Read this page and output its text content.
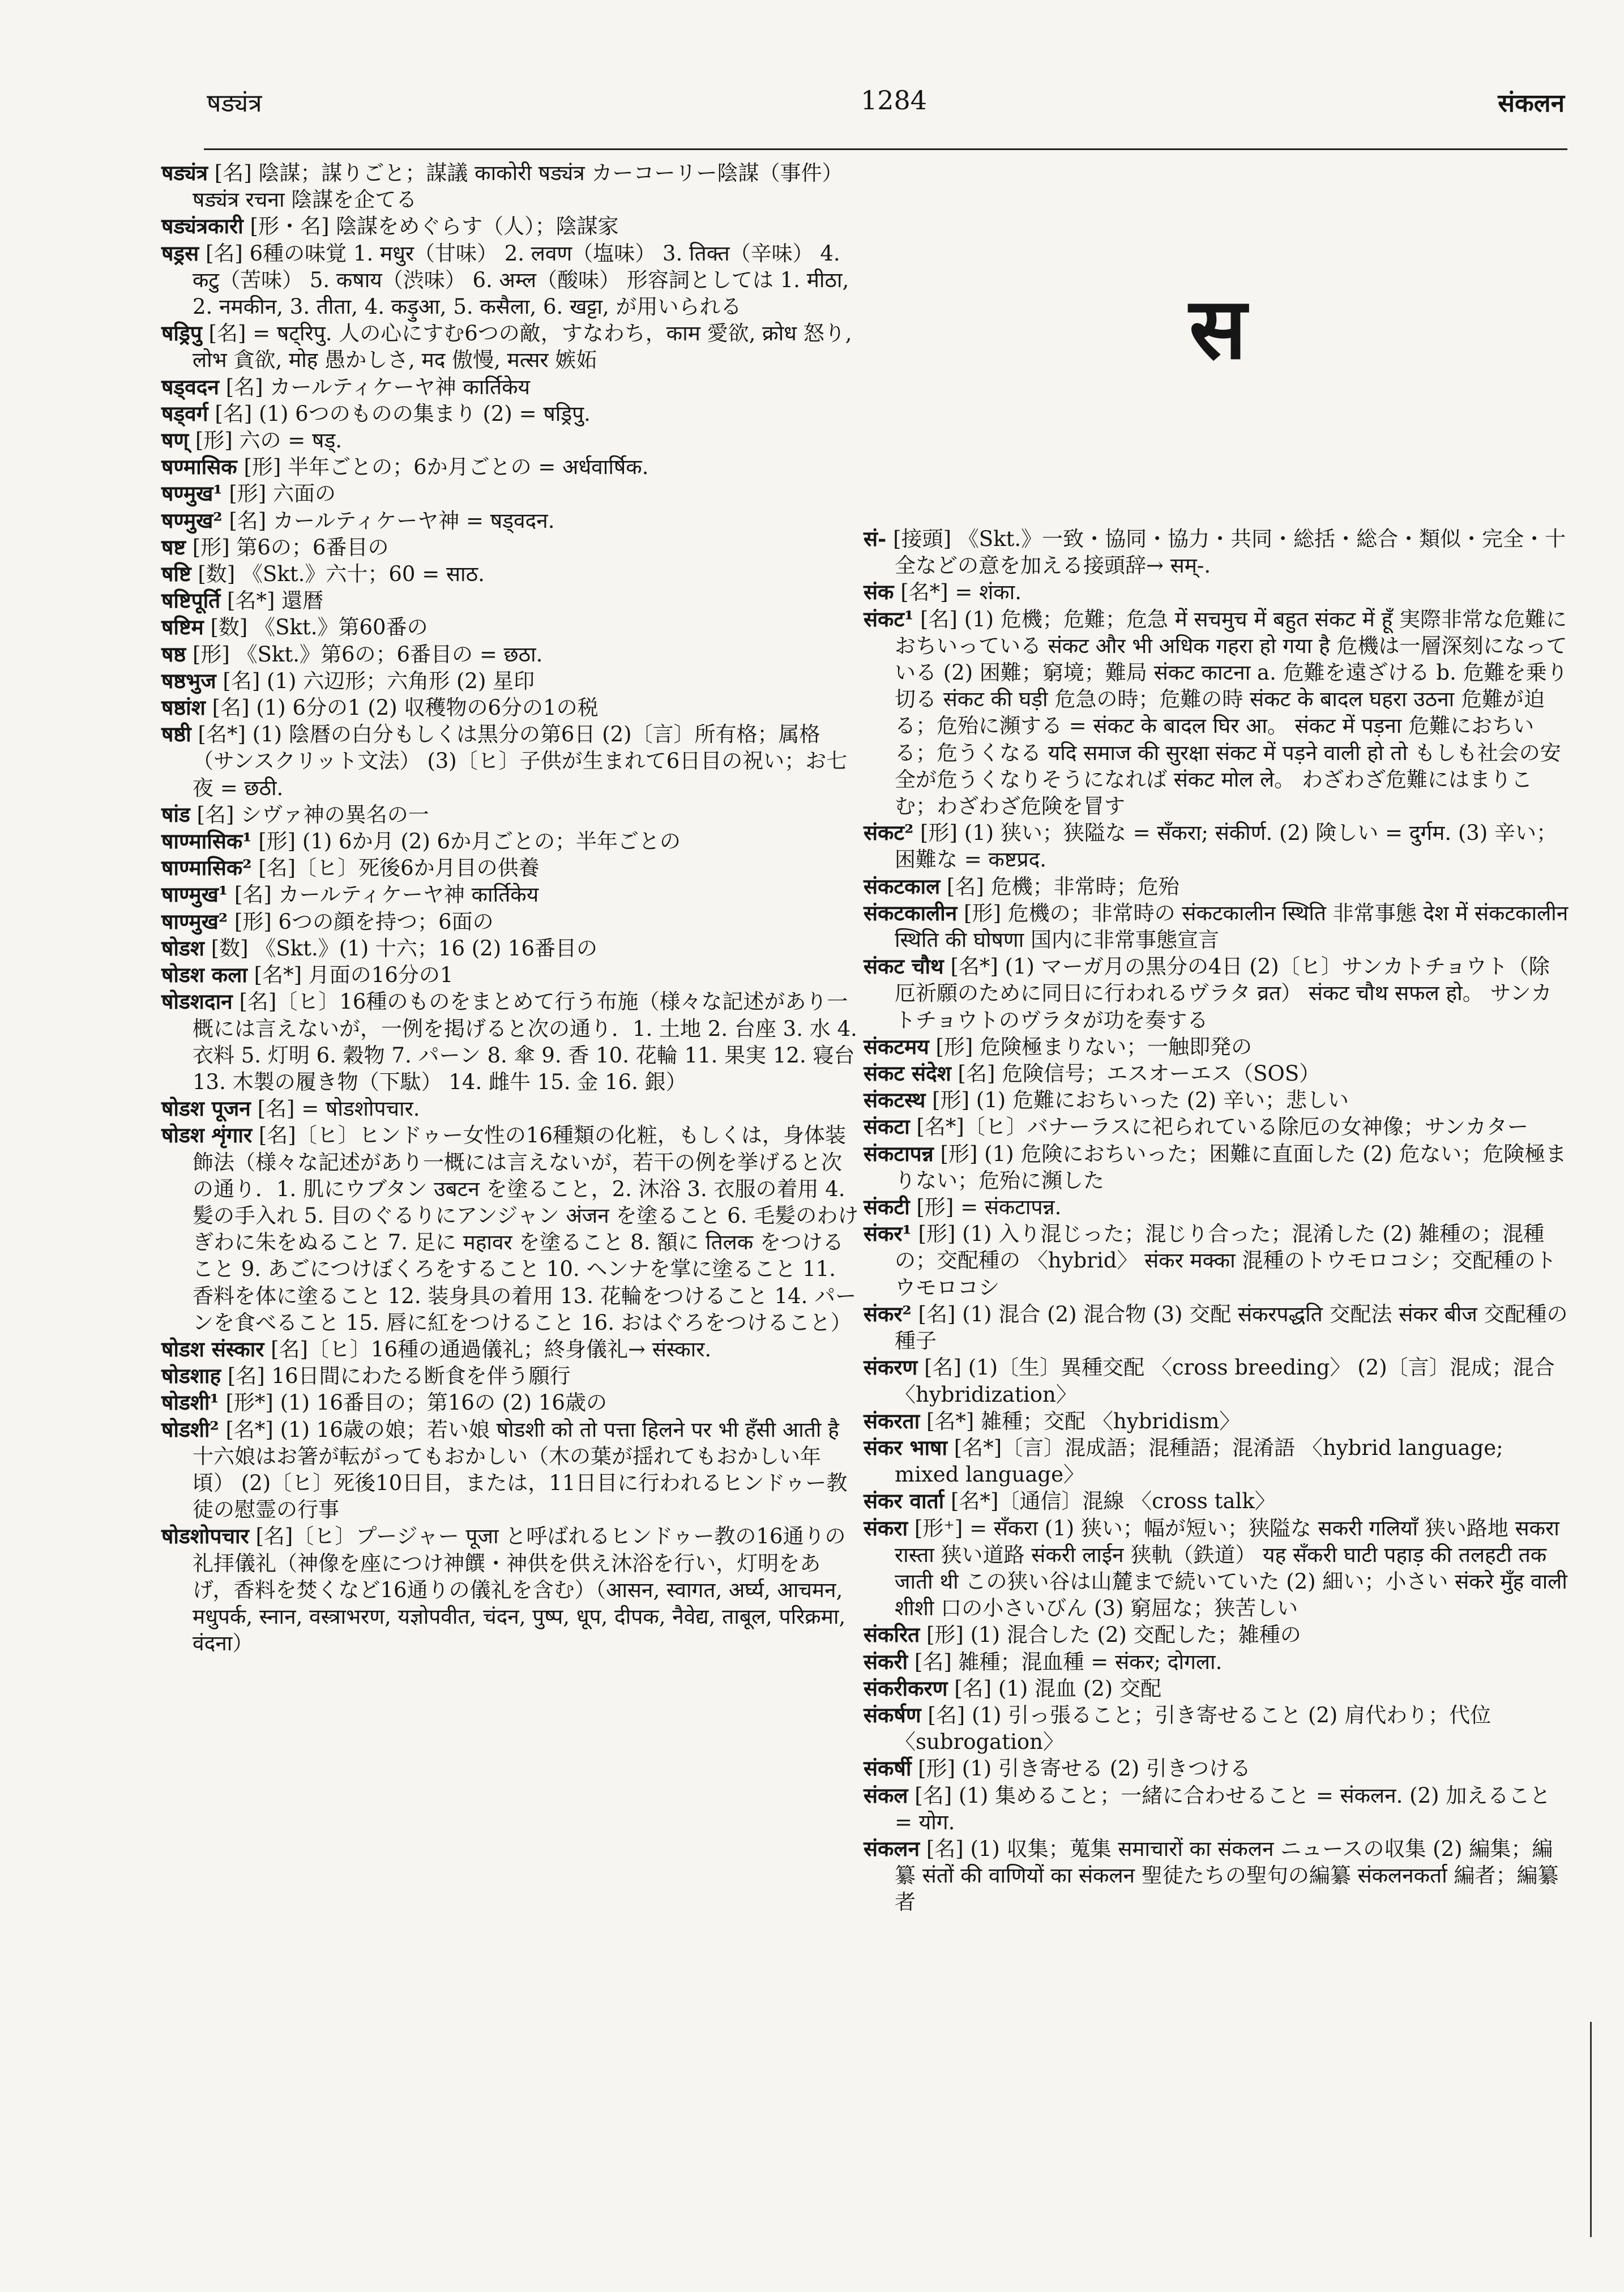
षड्यंत्र	1284	संकलन

षड्यंत्र [名] 陰謀；謀りごと；謀議 काकोरी षड्यंत्र カーコーリー陰謀（事件） षड्यंत्र रचना 陰謀を企てる

षड्यंत्रकारी [形・名] 陰謀をめぐらす（人）；陰謀家

षड्रस [名] 6種の味覚 1. मधुर（甘味） 2. लवण（塩味） 3. तिक्त（辛味） 4. कटु（苦味） 5. कषाय（渋味） 6. अम्ल（酸味） 形容詞としては 1. मीठा, 2. नमकीन, 3. तीता, 4. कड़ुआ, 5. कसैला, 6. खट्टा, が用いられる

षड्रिपु [名] = षट्‌रिपु. 人の心にすむ6つの敵，すなわち，काम 愛欲, क्रोध 怒り, लोभ 貪欲, मोह 愚かしさ, मद 傲慢, मत्सर 嫉妬

षड्वदन [名] カールティケーヤ神 कार्तिकेय

षड्वर्ग [名] (1) 6つのものの集まり (2) = षड्रिपु.

षण् [形] 六の = षड्.

षण्मासिक [形] 半年ごとの；6か月ごとの = अर्धवार्षिक.

षण्मुख¹ [形] 六面の

षण्मुख² [名] カールティケーヤ神 = षड्वदन.

षष्ट [形] 第6の；6番目の

षष्टि [数] 《Skt.》六十；60 = साठ.

षष्टिपूर्ति [名*] 還暦

षष्टिम [数] 《Skt.》第60番の

षष्ठ [形] 《Skt.》第6の；6番目の = छठा.

षष्ठभुज [名] (1) 六辺形；六角形 (2) 星印

षष्ठांश [名] (1) 6分の1 (2) 収穫物の6分の1の税

षष्ठी [名*] (1) 陰暦の白分もしくは黒分の第6日 (2)〔言〕所有格；属格（サンスクリット文法） (3)〔ヒ〕子供が生まれて6日目の祝い；お七夜 = छठी.

षांड [名] シヴァ神の異名の一

षाण्मासिक¹ [形] (1) 6か月 (2) 6か月ごとの；半年ごとの

षाण्मासिक² [名]〔ヒ〕死後6か月目の供養

षाण्मुख¹ [名] カールティケーヤ神 कार्तिकेय

षाण्मुख² [形] 6つの顔を持つ；6面の

षोडश [数] 《Skt.》(1) 十六；16 (2) 16番目の

षोडश कला [名*] 月面の16分の1

षोडशदान [名]〔ヒ〕16種のものをまとめて行う布施（様々な記述があり一概には言えないが，一例を掲げると次の通り．1. 土地 2. 台座 3. 水 4. 衣料 5. 灯明 6. 穀物 7. パーン 8. 傘 9. 香 10. 花輪 11. 果実 12. 寝台 13. 木製の履き物（下駄） 14. 雌牛 15. 金 16. 銀）

षोडश पूजन [名] = षोडशोपचार.

षोडश शृंगार [名]〔ヒ〕ヒンドゥー女性の16種類の化粧，もしくは，身体装飾法（様々な記述があり一概には言えないが，若干の例を挙げると次の通り．1. 肌にウブタン उबटन を塗ること，2. 沐浴 3. 衣服の着用 4. 髪の手入れ 5. 目のぐるりにアンジャン अंजन を塗ること 6. 毛髪のわけぎわに朱をぬること 7. 足に महावर を塗ること 8. 額に तिलक をつけること 9. あごにつけぼくろをすること 10. ヘンナを掌に塗ること 11. 香料を体に塗ること 12. 装身具の着用 13. 花輪をつけること 14. パーンを食べること 15. 唇に紅をつけること 16. おはぐろをつけること）

षोडश संस्कार [名]〔ヒ〕16種の通過儀礼；終身儀礼→ संस्कार.

षोडशाह [名] 16日間にわたる断食を伴う願行

षोडशी¹ [形*] (1) 16番目の；第16の (2) 16歳の

षोडशी² [名*] (1) 16歳の娘；若い娘 षोडशी को तो पत्ता हिलने पर भी हँसी आती है 十六娘はお箸が転がってもおかしい（木の葉が揺れてもおかしい年頃） (2)〔ヒ〕死後10日目，または，11日目に行われるヒンドゥー教徒の慰霊の行事

षोडशोपचार [名]〔ヒ〕プージャー पूजा と呼ばれるヒンドゥー教の16通りの礼拝儀礼（神像を座につけ神饌・神供を供え沐浴を行い，灯明をあげ，香料を焚くなど16通りの儀礼を含む）（आसन, स्वागत, अर्घ्य, आचमन, मधुपर्क, स्नान, वस्त्राभरण, यज्ञोपवीत, चंदन, पुष्प, धूप, दीपक, नैवेद्य, ताबूल, परिक्रमा, वंदना）

स

सं- [接頭] 《Skt.》一致・協同・協力・共同・総括・総合・類似・完全・十全などの意を加える接頭辞→ सम्-.

संक [名*] = शंका.

संकट¹ [名] (1) 危機；危難；危急 में सचमुच में बहुत संकट में हूँ 実際非常な危難におちいっている संकट और भी अधिक गहरा हो गया है 危機は一層深刻になっている (2) 困難；窮境；難局 संकट काटना a. 危難を遠ざける b. 危難を乗り切る संकट की घड़ी 危急の時；危難の時 संकट के बादल घहरा उठना 危難が迫る；危殆に瀕する = संकट के बादल घिर आ。 संकट में पड़ना 危難におちいる；危うくなる यदि समाज की सुरक्षा संकट में पड़ने वाली हो तो もしも社会の安全が危うくなりそうになれば संकट मोल ले。 わざわざ危難にはまりこむ；わざわざ危険を冒す

संकट² [形] (1) 狭い；狭隘な = सँकरा; संकीर्ण. (2) 険しい = दुर्गम. (3) 辛い；困難な = कष्टप्रद.

संकटकाल [名] 危機；非常時；危殆

संकटकालीन [形] 危機の；非常時の संकटकालीन स्थिति 非常事態 देश में संकटकालीन स्थिति की घोषणा 国内に非常事態宣言

संकट चौथ [名*] (1) マーガ月の黒分の4日 (2)〔ヒ〕サンカトチョウト（除厄祈願のために同日に行われるヴラタ व्रत） संकट चौथ सफल हो。 サンカトチョウトのヴラタが功を奏する

संकटमय [形] 危険極まりない；一触即発の

संकट संदेश [名] 危険信号；エスオーエス（SOS）

संकटस्थ [形] (1) 危難におちいった (2) 辛い；悲しい

संकटा [名*]〔ヒ〕バナーラスに祀られている除厄の女神像；サンカター

संकटापन्न [形] (1) 危険におちいった；困難に直面した (2) 危ない；危険極まりない；危殆に瀕した

संकटी [形] = संकटापन्न.

संकर¹ [形] (1) 入り混じった；混じり合った；混淆した (2) 雑種の；混種の；交配種の 〈hybrid〉 संकर मक्का 混種のトウモロコシ；交配種のトウモロコシ

संकर² [名] (1) 混合 (2) 混合物 (3) 交配 संकरपद्धति 交配法 संकर बीज 交配種の種子

संकरण [名] (1)〔生〕異種交配 〈cross breeding〉 (2)〔言〕混成；混合 〈hybridization〉

संकरता [名*] 雑種；交配 〈hybridism〉

संकर भाषा [名*]〔言〕混成語；混種語；混淆語 〈hybrid language; mixed language〉

संकर वार्ता [名*]〔通信〕混線 〈cross talk〉

संकरा [形⁺] = सँकरा (1) 狭い；幅が短い；狭隘な सकरी गलियाँ 狭い路地 सकरा रास्ता 狭い道路 संकरी लाईन 狭軌（鉄道） यह सँकरी घाटी पहाड़ की तलहटी तक जाती थी この狭い谷は山麓まで続いていた (2) 細い；小さい संकरे मुँह वाली शीशी 口の小さいびん (3) 窮屈な；狭苦しい

संकरित [形] (1) 混合した (2) 交配した；雑種の

संकरी [名] 雑種；混血種 = संकर; दोगला.

संकरीकरण [名] (1) 混血 (2) 交配

संकर्षण [名] (1) 引っ張ること；引き寄せること (2) 肩代わり；代位 〈subrogation〉

संकर्षी [形] (1) 引き寄せる (2) 引きつける

संकल [名] (1) 集めること；一緒に合わせること = संकलन. (2) 加えること = योग.

संकलन [名] (1) 収集；蒐集 समाचारों का संकलन ニュースの収集 (2) 編集；編纂 संतों की वाणियों का संकलन 聖徒たちの聖句の編纂 संकलनकर्ता 編者；編纂者
